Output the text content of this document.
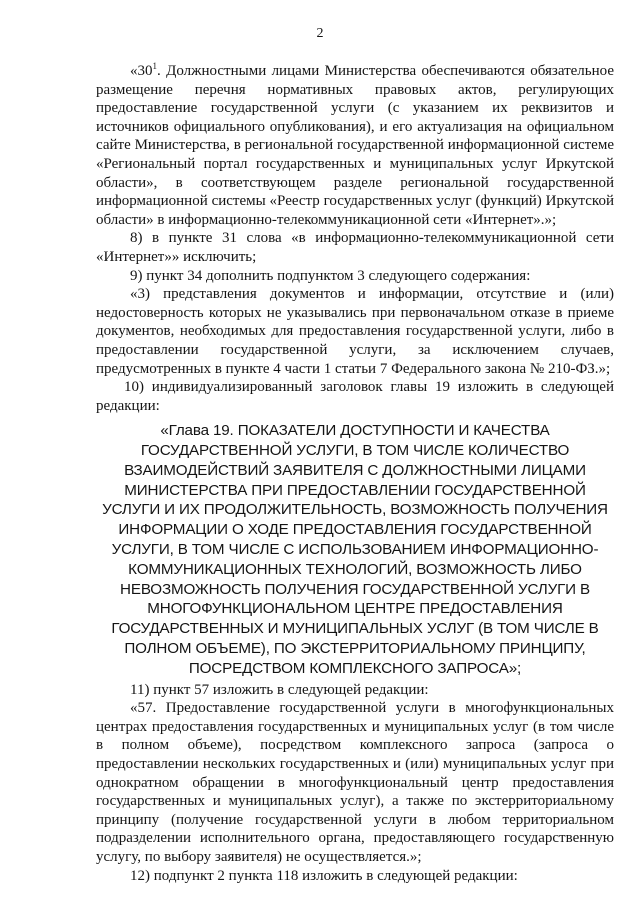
2

«$30^1$. Должностными лицами Министерства обеспечиваются обязательное размещение перечня нормативных правовых актов, регулирующих предоставление государственной услуги (с указанием их реквизитов и источников официального опубликования), и его актуализация на официальном сайте Министерства, в региональной государственной информационной системе «Региональный портал государственных и муниципальных услуг Иркутской области», в соответствующем разделе региональной государственной информационной системы «Реестр государственных услуг (функций) Иркутской области» в информационно-телекоммуникационной сети «Интернет».»;

8) в пункте 31 слова «в информационно-телекоммуникационной сети «Интернет»» исключить;

9) пункт 34 дополнить подпунктом 3 следующего содержания:

«3) представления документов и информации, отсутствие и (или) недостоверность которых не указывались при первоначальном отказе в приеме документов, необходимых для предоставления государственной услуги, либо в предоставлении государственной услуги, за исключением случаев, предусмотренных в пункте 4 части 1 статьи 7 Федерального закона № 210-ФЗ.»;

10) индивидуализированный заголовок главы 19 изложить в следующей редакции:

«Глава 19. ПОКАЗАТЕЛИ ДОСТУПНОСТИ И КАЧЕСТВА ГОСУДАРСТВЕННОЙ УСЛУГИ, В ТОМ ЧИСЛЕ КОЛИЧЕСТВО ВЗАИМОДЕЙСТВИЙ ЗАЯВИТЕЛЯ С ДОЛЖНОСТНЫМИ ЛИЦАМИ МИНИСТЕРСТВА ПРИ ПРЕДОСТАВЛЕНИИ ГОСУДАРСТВЕННОЙ УСЛУГИ И ИХ ПРОДОЛЖИТЕЛЬНОСТЬ, ВОЗМОЖНОСТЬ ПОЛУЧЕНИЯ ИНФОРМАЦИИ О ХОДЕ ПРЕДОСТАВЛЕНИЯ ГОСУДАРСТВЕННОЙ УСЛУГИ, В ТОМ ЧИСЛЕ С ИСПОЛЬЗОВАНИЕМ ИНФОРМАЦИОННО-КОММУНИКАЦИОННЫХ ТЕХНОЛОГИЙ, ВОЗМОЖНОСТЬ ЛИБО НЕВОЗМОЖНОСТЬ ПОЛУЧЕНИЯ ГОСУДАРСТВЕННОЙ УСЛУГИ В МНОГОФУНКЦИОНАЛЬНОМ ЦЕНТРЕ ПРЕДОСТАВЛЕНИЯ ГОСУДАРСТВЕННЫХ И МУНИЦИПАЛЬНЫХ УСЛУГ (В ТОМ ЧИСЛЕ В ПОЛНОМ ОБЪЕМЕ), ПО ЭКСТЕРРИТОРИАЛЬНОМУ ПРИНЦИПУ, ПОСРЕДСТВОМ КОМПЛЕКСНОГО ЗАПРОСА»;

11) пункт 57 изложить в следующей редакции:

«57. Предоставление государственной услуги в многофункциональных центрах предоставления государственных и муниципальных услуг (в том числе в полном объеме), посредством комплексного запроса (запроса о предоставлении нескольких государственных и (или) муниципальных услуг при однократном обращении в многофункциональный центр предоставления государственных и муниципальных услуг), а также по экстерриториальному принципу (получение государственной услуги в любом территориальном подразделении исполнительного органа, предоставляющего государственную услугу, по выбору заявителя) не осуществляется.»;

12) подпункт 2 пункта 118 изложить в следующей редакции:
